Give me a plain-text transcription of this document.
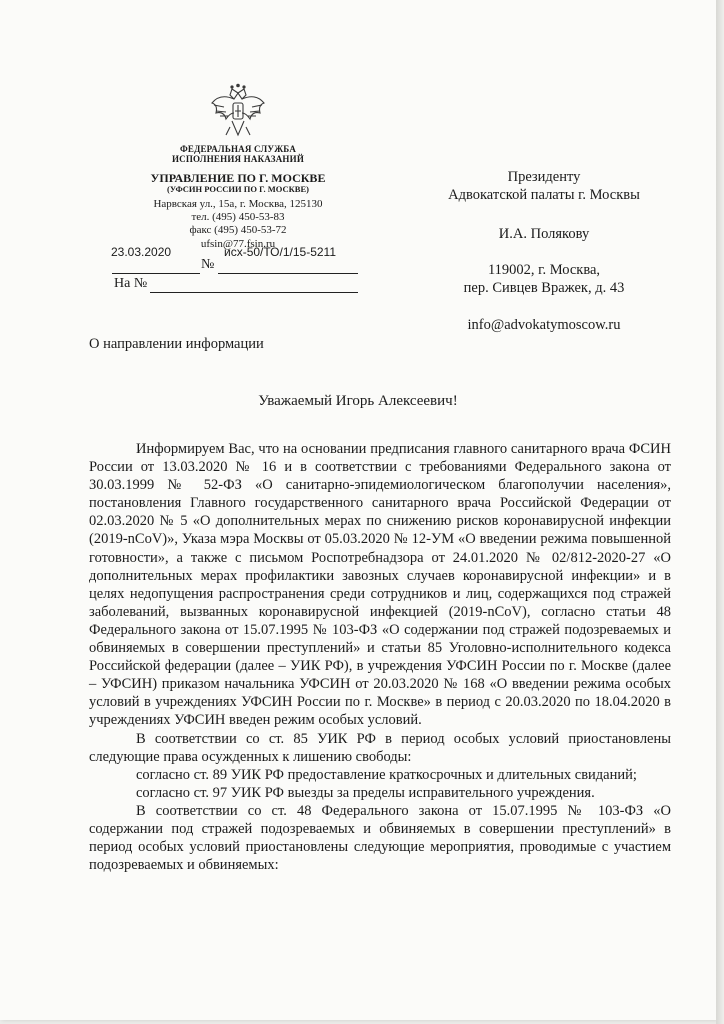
ФЕДЕРАЛЬНАЯ СЛУЖБА
ИСПОЛНЕНИЯ НАКАЗАНИЙ
УПРАВЛЕНИЕ ПО Г. МОСКВЕ
(УФСИН РОССИИ ПО Г. МОСКВЕ)
Нарвская ул., 15а, г. Москва, 125130
тел. (495) 450-53-83
факс (495) 450-53-72
ufsin@77.fsin.ru
23.03.2020	исх-50/ТО/1/15-5211
№
На №
Президенту
Адвокатской палаты г. Москвы
И.А. Полякову
119002, г. Москва,
пер. Сивцев Вражек, д. 43
info@advokatymoscow.ru
О направлении информации
Уважаемый Игорь Алексеевич!

Информируем Вас, что на основании предписания главного санитарного врача ФСИН России от 13.03.2020 № 16 и в соответствии с требованиями Федерального закона от 30.03.1999 № 52-ФЗ «О санитарно-эпидемиологическом благополучии населения», постановления Главного государственного санитарного врача Российской Федерации от 02.03.2020 № 5 «О дополнительных мерах по снижению рисков коронавирусной инфекции (2019-nCoV)», Указа мэра Москвы от 05.03.2020 № 12-УМ «О введении режима повышенной готовности», а также с письмом Роспотребнадзора от 24.01.2020 № 02/812-2020-27 «О дополнительных мерах профилактики завозных случаев коронавирусной инфекции» и в целях недопущения распространения среди сотрудников и лиц, содержащихся под стражей заболеваний, вызванных коронавирусной инфекцией (2019-nCoV), согласно статьи 48 Федерального закона от 15.07.1995 № 103-ФЗ «О содержании под стражей подозреваемых и обвиняемых в совершении преступлений» и статьи 85 Уголовно-исполнительного кодекса Российской федерации (далее – УИК РФ), в учреждения УФСИН России по г. Москве (далее – УФСИН) приказом начальника УФСИН от 20.03.2020 № 168 «О введении режима особых условий в учреждениях УФСИН России по г. Москве» в период с 20.03.2020 по 18.04.2020 в учреждениях УФСИН введен режим особых условий.

В соответствии со ст. 85 УИК РФ в период особых условий приостановлены следующие права осужденных к лишению свободы:

согласно ст. 89 УИК РФ предоставление краткосрочных и длительных свиданий;

согласно ст. 97 УИК РФ выезды за пределы исправительного учреждения.

В соответствии со ст. 48 Федерального закона от 15.07.1995 № 103-ФЗ «О содержании под стражей подозреваемых и обвиняемых в совершении преступлений» в период особых условий приостановлены следующие мероприятия, проводимые с участием подозреваемых и обвиняемых:
